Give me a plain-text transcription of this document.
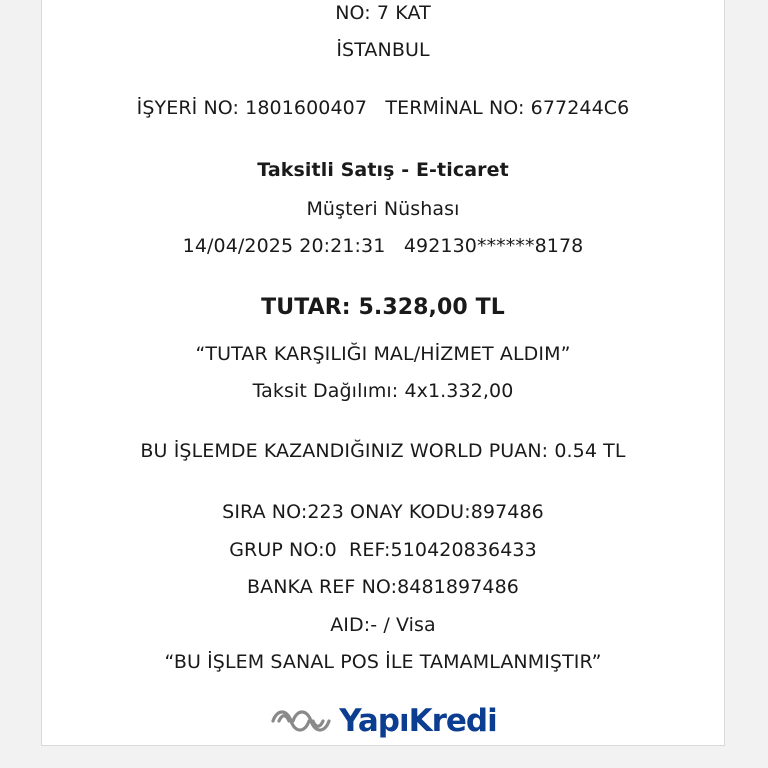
NO: 7 KAT
İSTANBUL
İŞYERİ NO: 1801600407   TERMİNAL NO: 677244C6
Taksitli Satış - E-ticaret
Müşteri Nüshası
14/04/2025 20:21:31   492130******8178
TUTAR: 5.328,00 TL
“TUTAR KARŞILIĞI MAL/HİZMET ALDIM”
Taksit Dağılımı: 4x1.332,00
BU İŞLEMDE KAZANDIĞINIZ WORLD PUAN: 0.54 TL
SIRA NO:223 ONAY KODU:897486
GRUP NO:0  REF:510420836433
BANKA REF NO:8481897486
AID:- / Visa
“BU İŞLEM SANAL POS İLE TAMAMLANMIŞTIR”
YapıKredi
